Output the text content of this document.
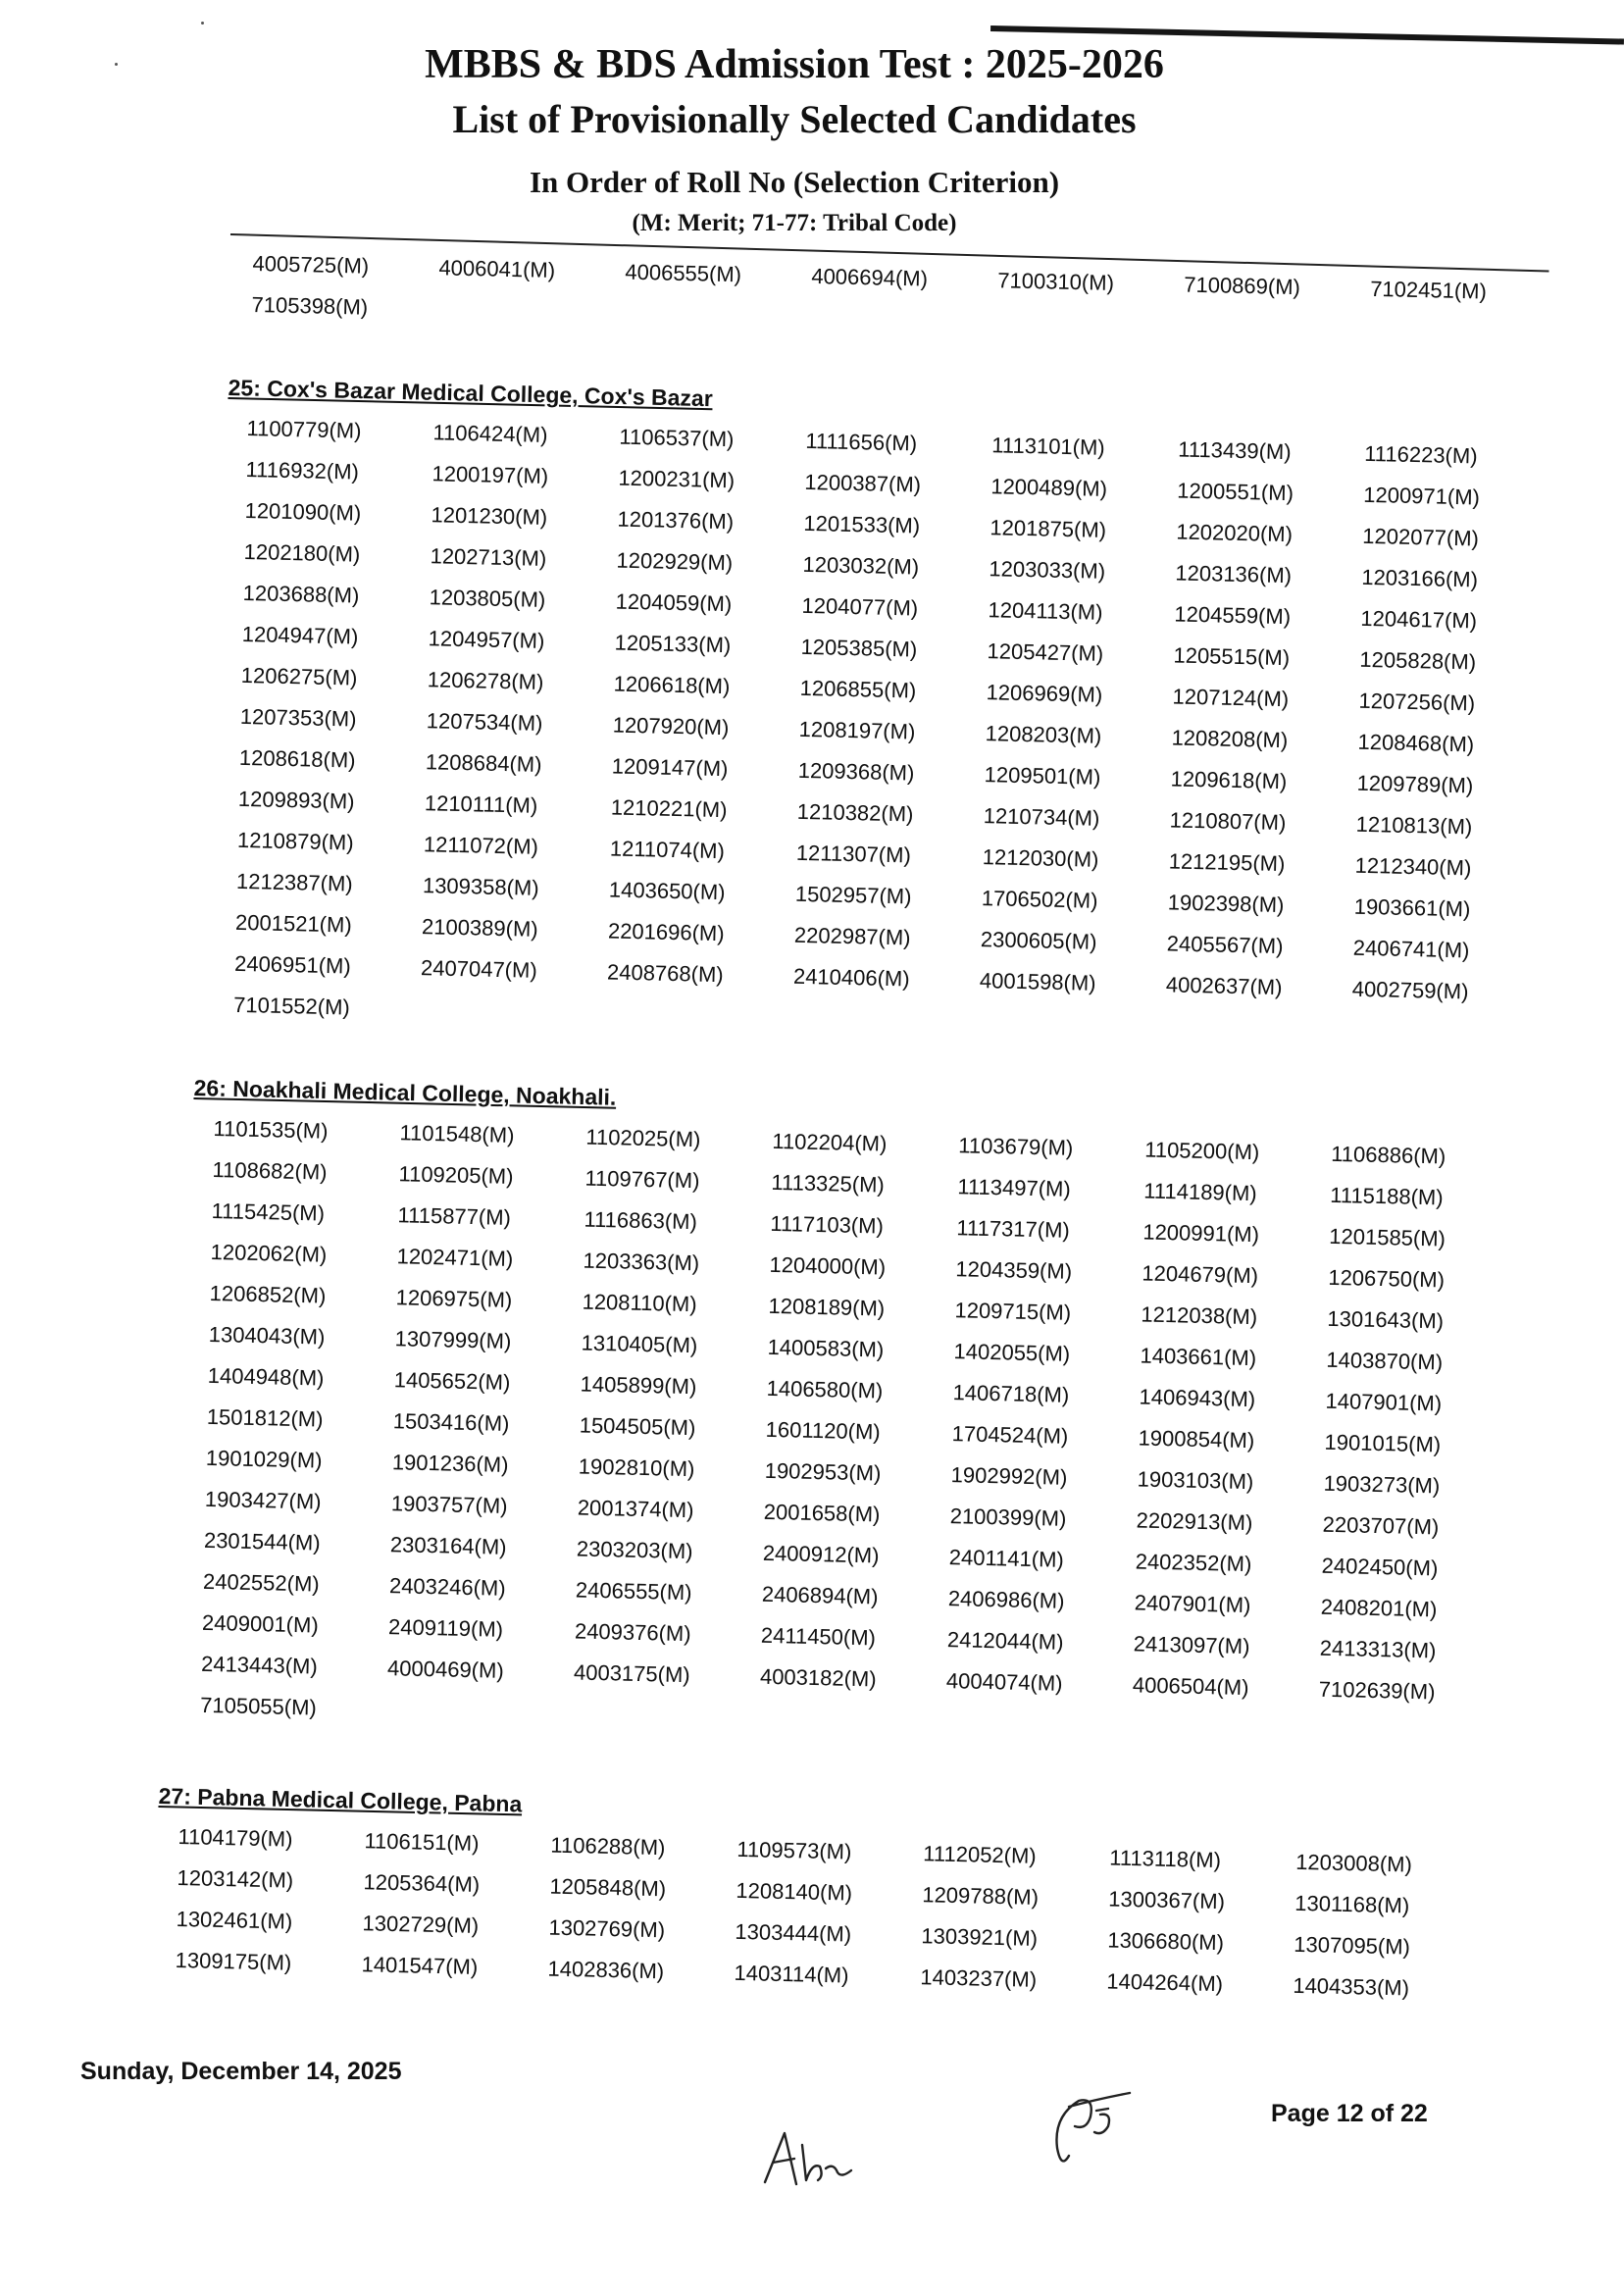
MBBS & BDS Admission Test : 2025-2026
List of Provisionally Selected Candidates
In Order of Roll No (Selection Criterion)
(M: Merit; 71-77: Tribal Code)
4005725(M)	4006041(M)	4006555(M)	4006694(M)	7100310(M)	7100869(M)	7102451(M)
7105398(M)
25: Cox's Bazar Medical College, Cox's Bazar
1100779(M)	1106424(M)	1106537(M)	1111656(M)	1113101(M)	1113439(M)	1116223(M)
1116932(M)	1200197(M)	1200231(M)	1200387(M)	1200489(M)	1200551(M)	1200971(M)
1201090(M)	1201230(M)	1201376(M)	1201533(M)	1201875(M)	1202020(M)	1202077(M)
1202180(M)	1202713(M)	1202929(M)	1203032(M)	1203033(M)	1203136(M)	1203166(M)
1203688(M)	1203805(M)	1204059(M)	1204077(M)	1204113(M)	1204559(M)	1204617(M)
1204947(M)	1204957(M)	1205133(M)	1205385(M)	1205427(M)	1205515(M)	1205828(M)
1206275(M)	1206278(M)	1206618(M)	1206855(M)	1206969(M)	1207124(M)	1207256(M)
1207353(M)	1207534(M)	1207920(M)	1208197(M)	1208203(M)	1208208(M)	1208468(M)
1208618(M)	1208684(M)	1209147(M)	1209368(M)	1209501(M)	1209618(M)	1209789(M)
1209893(M)	1210111(M)	1210221(M)	1210382(M)	1210734(M)	1210807(M)	1210813(M)
1210879(M)	1211072(M)	1211074(M)	1211307(M)	1212030(M)	1212195(M)	1212340(M)
1212387(M)	1309358(M)	1403650(M)	1502957(M)	1706502(M)	1902398(M)	1903661(M)
2001521(M)	2100389(M)	2201696(M)	2202987(M)	2300605(M)	2405567(M)	2406741(M)
2406951(M)	2407047(M)	2408768(M)	2410406(M)	4001598(M)	4002637(M)	4002759(M)
7101552(M)
26: Noakhali Medical College, Noakhali.
1101535(M)	1101548(M)	1102025(M)	1102204(M)	1103679(M)	1105200(M)	1106886(M)
1108682(M)	1109205(M)	1109767(M)	1113325(M)	1113497(M)	1114189(M)	1115188(M)
1115425(M)	1115877(M)	1116863(M)	1117103(M)	1117317(M)	1200991(M)	1201585(M)
1202062(M)	1202471(M)	1203363(M)	1204000(M)	1204359(M)	1204679(M)	1206750(M)
1206852(M)	1206975(M)	1208110(M)	1208189(M)	1209715(M)	1212038(M)	1301643(M)
1304043(M)	1307999(M)	1310405(M)	1400583(M)	1402055(M)	1403661(M)	1403870(M)
1404948(M)	1405652(M)	1405899(M)	1406580(M)	1406718(M)	1406943(M)	1407901(M)
1501812(M)	1503416(M)	1504505(M)	1601120(M)	1704524(M)	1900854(M)	1901015(M)
1901029(M)	1901236(M)	1902810(M)	1902953(M)	1902992(M)	1903103(M)	1903273(M)
1903427(M)	1903757(M)	2001374(M)	2001658(M)	2100399(M)	2202913(M)	2203707(M)
2301544(M)	2303164(M)	2303203(M)	2400912(M)	2401141(M)	2402352(M)	2402450(M)
2402552(M)	2403246(M)	2406555(M)	2406894(M)	2406986(M)	2407901(M)	2408201(M)
2409001(M)	2409119(M)	2409376(M)	2411450(M)	2412044(M)	2413097(M)	2413313(M)
2413443(M)	4000469(M)	4003175(M)	4003182(M)	4004074(M)	4006504(M)	7102639(M)
7105055(M)
27: Pabna Medical College, Pabna
1104179(M)	1106151(M)	1106288(M)	1109573(M)	1112052(M)	1113118(M)	1203008(M)
1203142(M)	1205364(M)	1205848(M)	1208140(M)	1209788(M)	1300367(M)	1301168(M)
1302461(M)	1302729(M)	1302769(M)	1303444(M)	1303921(M)	1306680(M)	1307095(M)
1309175(M)	1401547(M)	1402836(M)	1403114(M)	1403237(M)	1404264(M)	1404353(M)
Sunday, December 14, 2025
Page 12 of 22
